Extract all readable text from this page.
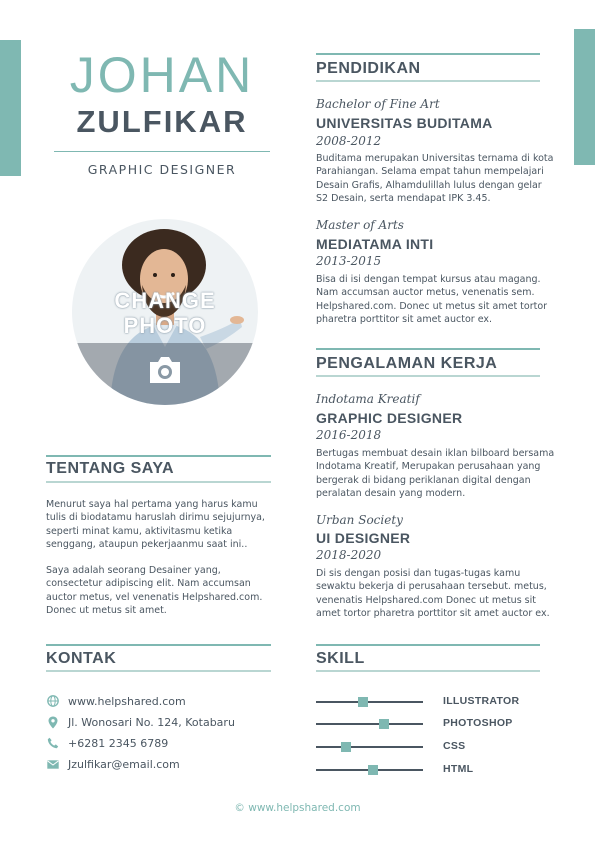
JOHAN
ZULFIKAR
GRAPHIC DESIGNER
CHANGE
PHOTO
TENTANG SAYA
Menurut saya hal pertama yang harus kamu tulis di biodatamu haruslah dirimu sejujurnya, seperti minat kamu, aktivitasmu ketika senggang, ataupun pekerjaanmu saat ini..
Saya adalah seorang Desainer yang, consectetur adipiscing elit. Nam accumsan auctor metus, vel venenatis Helpshared.com. Donec ut metus sit amet.
KONTAK
www.helpshared.com
Jl. Wonosari No. 124, Kotabaru
+6281 2345 6789
Jzulfikar@email.com
PENDIDIKAN
Bachelor of Fine Art
UNIVERSITAS BUDITAMA
2008-2012
Buditama merupakan Universitas ternama di kota Parahiangan. Selama empat tahun mempelajari Desain Grafis, Alhamdulillah lulus dengan gelar S2 Desain, serta mendapat IPK 3.45.
Master of Arts
MEDIATAMA INTI
2013-2015
Bisa di isi dengan tempat kursus atau magang. Nam accumsan auctor metus, venenatis sem. Helpshared.com. Donec ut metus sit amet tortor pharetra porttitor sit amet auctor ex.
PENGALAMAN KERJA
Indotama Kreatif
GRAPHIC DESIGNER
2016-2018
Bertugas membuat desain iklan bilboard bersama Indotama Kreatif, Merupakan perusahaan yang bergerak di bidang periklanan digital dengan peralatan desain yang modern.
Urban Society
UI DESIGNER
2018-2020
Di sis dengan posisi dan tugas-tugas kamu sewaktu bekerja di perusahaan tersebut. metus, venenatis Helpshared.com Donec ut metus sit amet tortor pharetra porttitor sit amet auctor ex.
SKILL
ILLUSTRATOR
PHOTOSHOP
CSS
HTML
© www.helpshared.com
